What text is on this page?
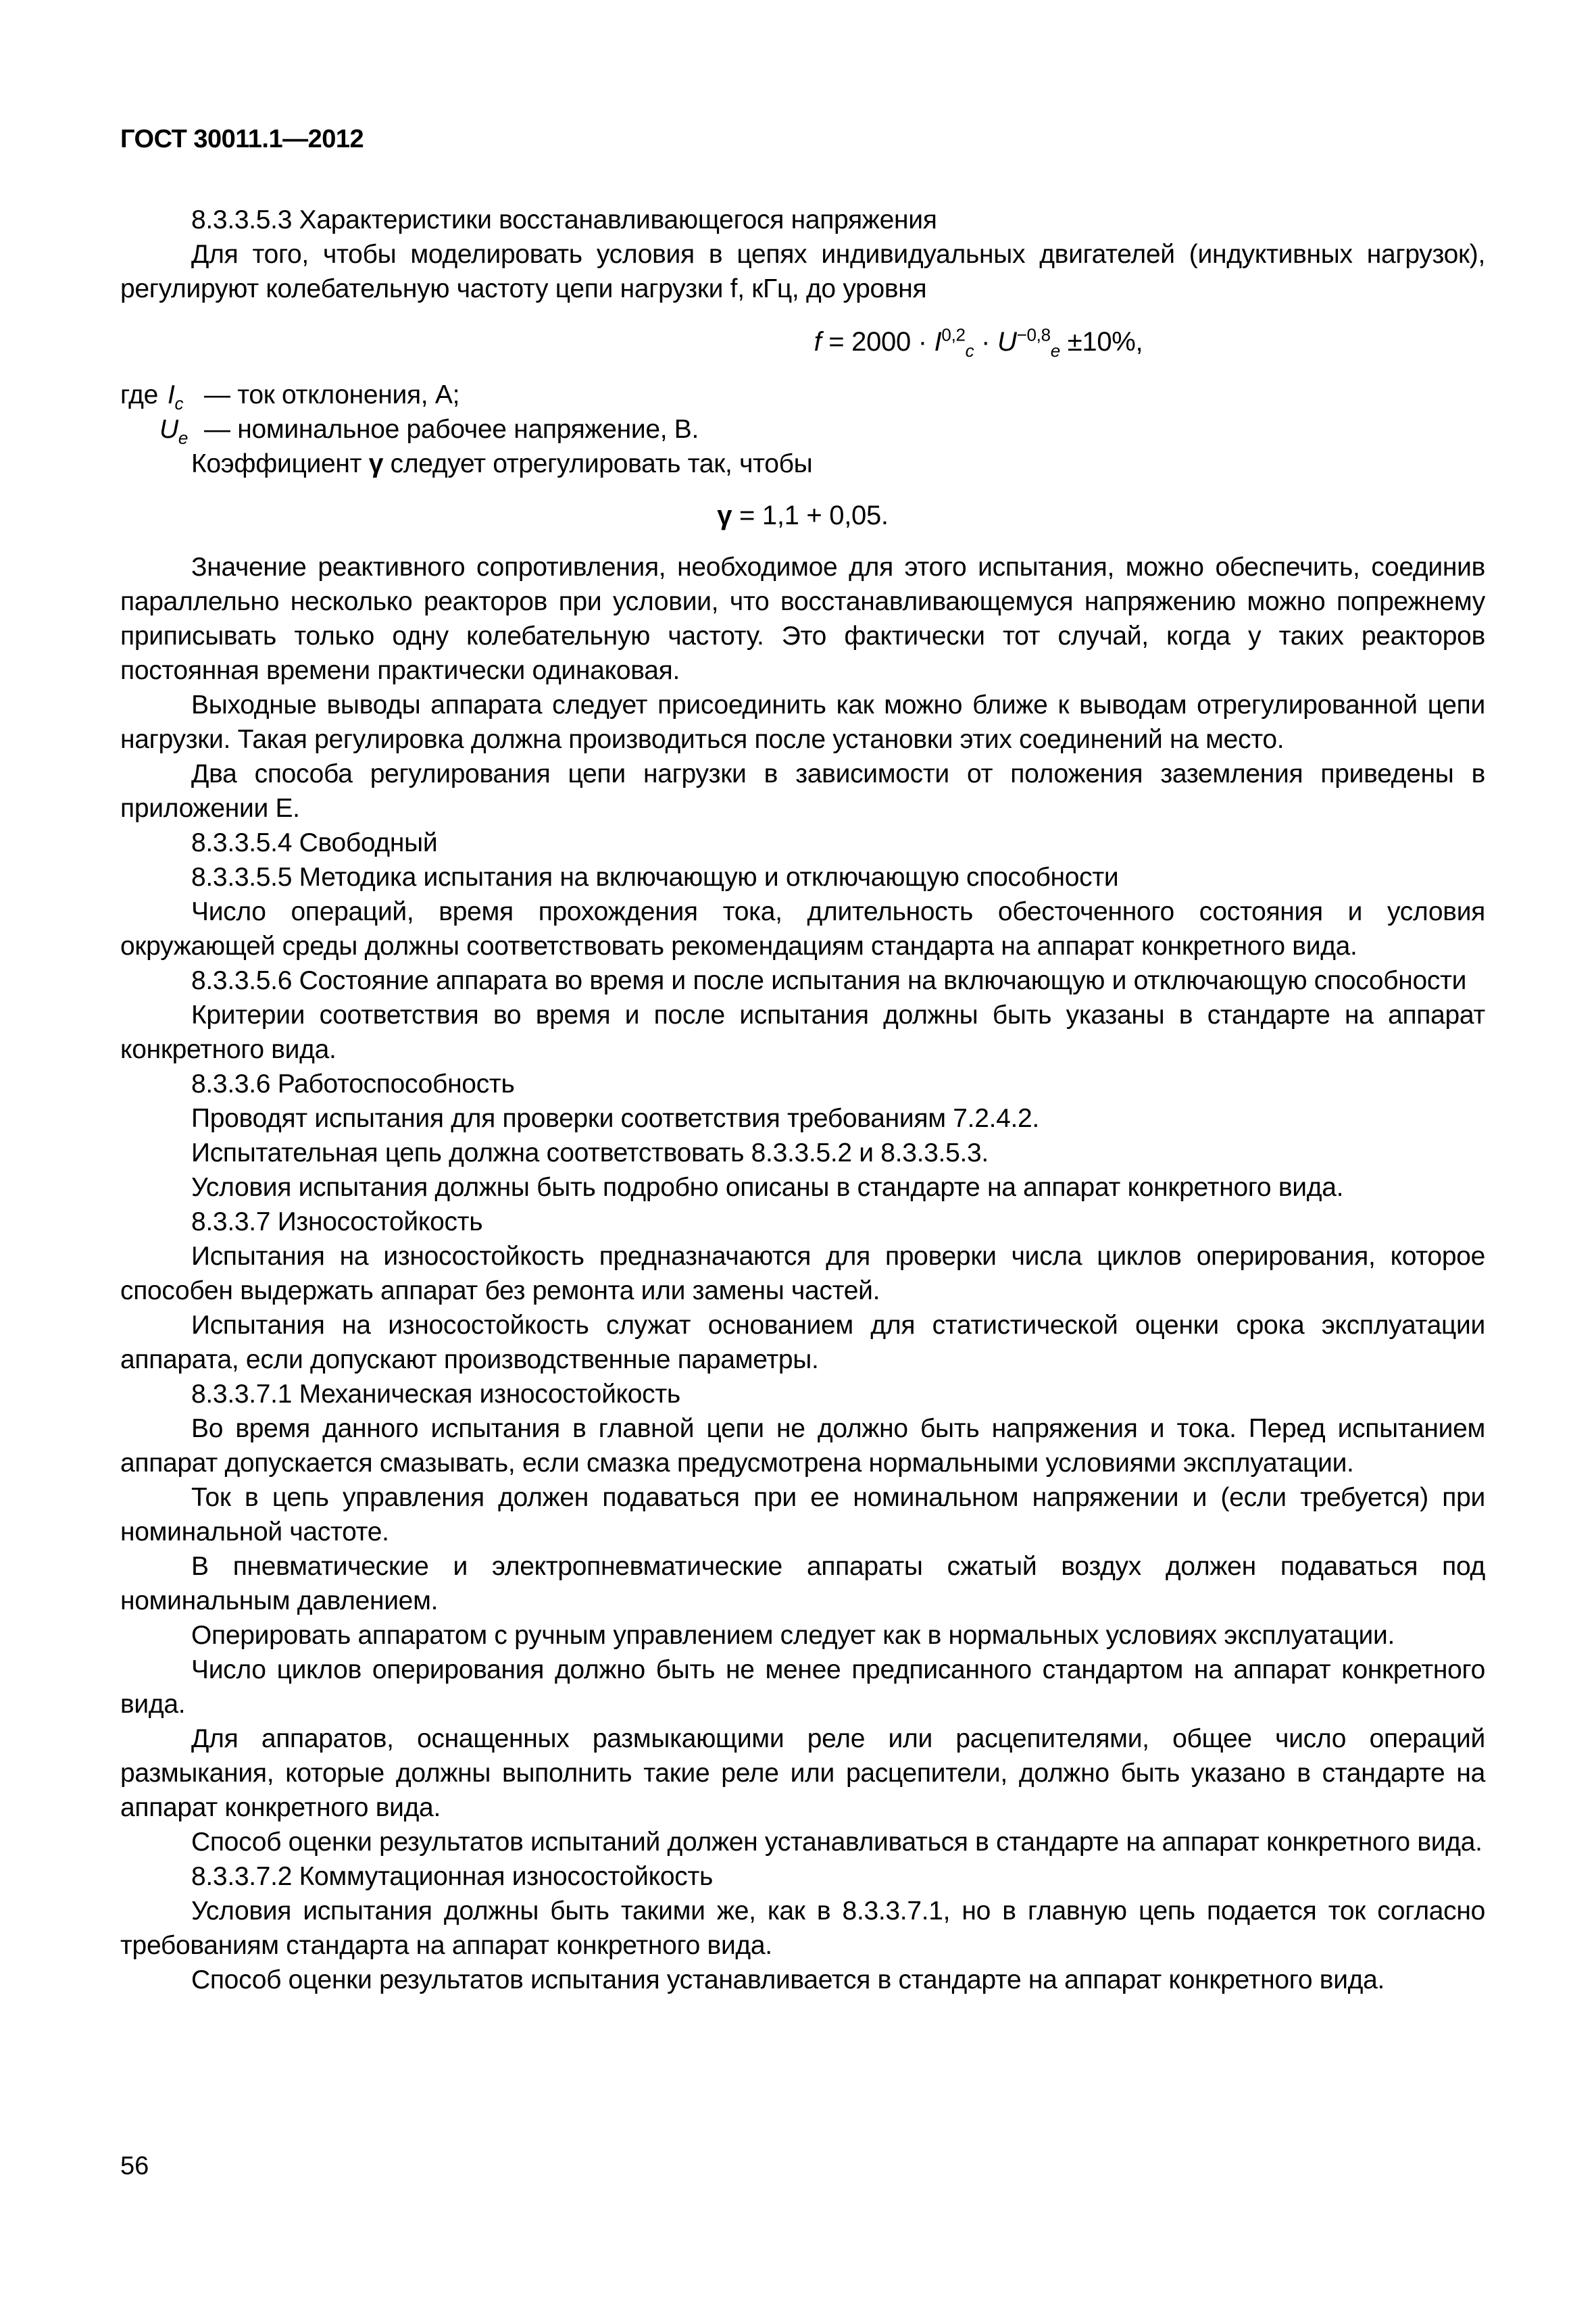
ГОСТ 30011.1—2012

8.3.3.5.3 Характеристики восстанавливающегося напряжения

Для того, чтобы моделировать условия в цепях индивидуальных двигателей (индуктивных нагрузок), регулируют колебательную частоту цепи нагрузки f, кГц, до уровня

$f = 2000 \cdot I^{0,2}_c \cdot U^{-0,8}_e \pm 10\%$,
где $I_c$ — ток отклонения, А;
$U_e$ — номинальное рабочее напряжение, В.

Коэффициент γ следует отрегулировать так, чтобы

γ = 1,1 + 0,05.

Значение реактивного сопротивления, необходимое для этого испытания, можно обеспечить, соединив параллельно несколько реакторов при условии, что восстанавливающемуся напряжению можно попрежнему приписывать только одну колебательную частоту. Это фактически тот случай, когда у таких реакторов постоянная времени практически одинаковая.

Выходные выводы аппарата следует присоединить как можно ближе к выводам отрегулированной цепи нагрузки. Такая регулировка должна производиться после установки этих соединений на место.

Два способа регулирования цепи нагрузки в зависимости от положения заземления приведены в приложении Е.

8.3.3.5.4 Свободный

8.3.3.5.5 Методика испытания на включающую и отключающую способности

Число операций, время прохождения тока, длительность обесточенного состояния и условия окружающей среды должны соответствовать рекомендациям стандарта на аппарат конкретного вида.

8.3.3.5.6 Состояние аппарата во время и после испытания на включающую и отключающую способности

Критерии соответствия во время и после испытания должны быть указаны в стандарте на аппарат конкретного вида.

8.3.3.6 Работоспособность

Проводят испытания для проверки соответствия требованиям 7.2.4.2.

Испытательная цепь должна соответствовать 8.3.3.5.2 и 8.3.3.5.3.

Условия испытания должны быть подробно описаны в стандарте на аппарат конкретного вида.

8.3.3.7 Износостойкость

Испытания на износостойкость предназначаются для проверки числа циклов оперирования, которое способен выдержать аппарат без ремонта или замены частей.

Испытания на износостойкость служат основанием для статистической оценки срока эксплуатации аппарата, если допускают производственные параметры.

8.3.3.7.1 Механическая износостойкость

Во время данного испытания в главной цепи не должно быть напряжения и тока. Перед испытанием аппарат допускается смазывать, если смазка предусмотрена нормальными условиями эксплуатации.

Ток в цепь управления должен подаваться при ее номинальном напряжении и (если требуется) при номинальной частоте.

В пневматические и электропневматические аппараты сжатый воздух должен подаваться под номинальным давлением.

Оперировать аппаратом с ручным управлением следует как в нормальных условиях эксплуатации.

Число циклов оперирования должно быть не менее предписанного стандартом на аппарат конкретного вида.

Для аппаратов, оснащенных размыкающими реле или расцепителями, общее число операций размыкания, которые должны выполнить такие реле или расцепители, должно быть указано в стандарте на аппарат конкретного вида.

Способ оценки результатов испытаний должен устанавливаться в стандарте на аппарат конкретного вида.

8.3.3.7.2 Коммутационная износостойкость

Условия испытания должны быть такими же, как в 8.3.3.7.1, но в главную цепь подается ток согласно требованиям стандарта на аппарат конкретного вида.

Способ оценки результатов испытания устанавливается в стандарте на аппарат конкретного вида.

56
